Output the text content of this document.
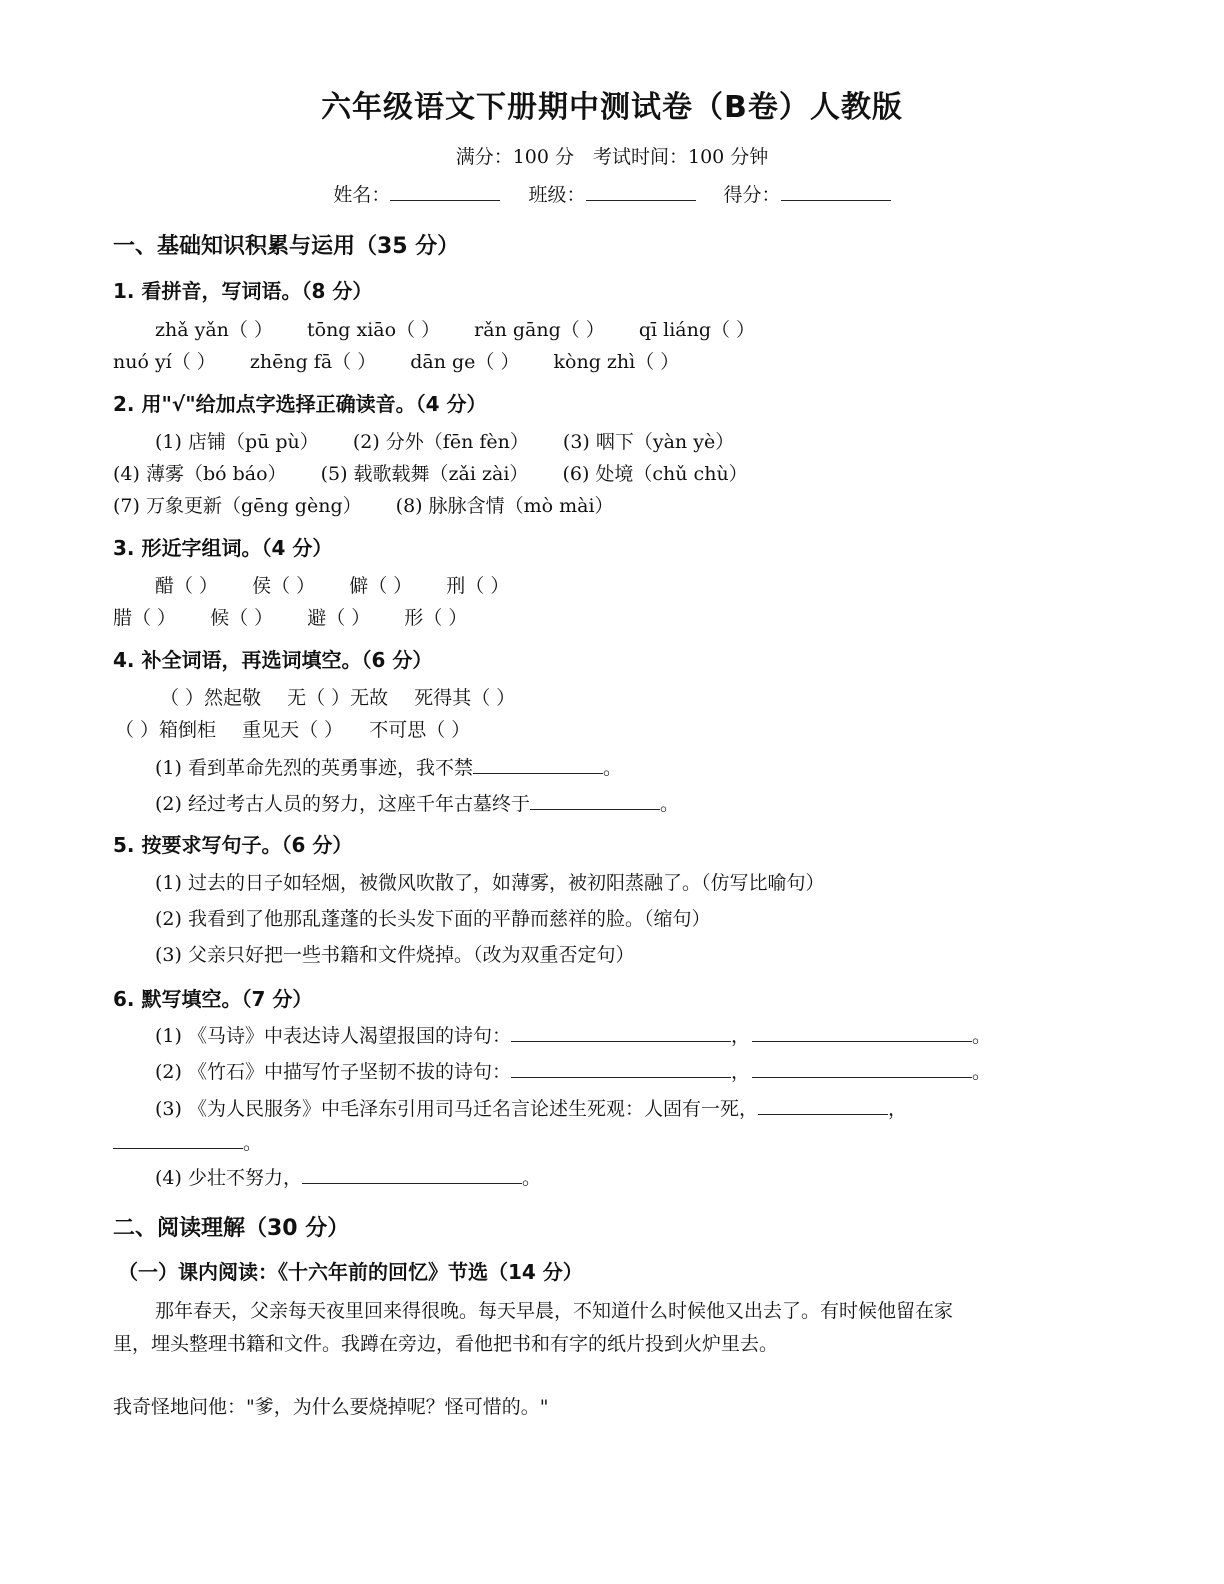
六年级语文下册期中测试卷（B卷）人教版
满分：100 分　考试时间：100 分钟
姓名：	班级：	得分：
一、基础知识积累与运用（35 分）
1. 看拼音，写词语。（8 分）
zhǎ yǎn（ ） tōng xiāo（ ） rǎn gāng（ ） qī liáng（ ）
nuó yí（ ） zhēng fā（ ） dān ge（ ） kòng zhì（ ）
2. 用"√"给加点字选择正确读音。（4 分）
(1) 店铺（pū pù） (2) 分外（fēn fèn） (3) 咽下（yàn yè）
(4) 薄雾（bó báo） (5) 载歌载舞（zǎi zài） (6) 处境（chǔ chù）
(7) 万象更新（gēng gèng） (8) 脉脉含情（mò mài）
3. 形近字组词。（4 分）
醋（ ） 侯（ ） 僻（ ） 刑（ ）
腊（ ） 候（ ） 避（ ） 形（ ）
4. 补全词语，再选词填空。（6 分）
（ ）然起敬 无（ ）无故 死得其（ ）
（ ）箱倒柜 重见天（ ） 不可思（ ）
(1) 看到革命先烈的英勇事迹，我不禁	。
(2) 经过考古人员的努力，这座千年古墓终于	。
5. 按要求写句子。（6 分）
(1) 过去的日子如轻烟，被微风吹散了，如薄雾，被初阳蒸融了。（仿写比喻句）
(2) 我看到了他那乱蓬蓬的长头发下面的平静而慈祥的脸。（缩句）
(3) 父亲只好把一些书籍和文件烧掉。（改为双重否定句）
6. 默写填空。（7 分）
(1) 《马诗》中表达诗人渴望报国的诗句：	，	。
(2) 《竹石》中描写竹子坚韧不拔的诗句：	，	。
(3) 《为人民服务》中毛泽东引用司马迁名言论述生死观：人固有一死，	，
。
(4) 少壮不努力，	。
二、阅读理解（30 分）
（一）课内阅读：《十六年前的回忆》节选（14 分）
那年春天，父亲每天夜里回来得很晚。每天早晨，不知道什么时候他又出去了。有时候他留在家
里，埋头整理书籍和文件。我蹲在旁边，看他把书和有字的纸片投到火炉里去。
我奇怪地问他："爹，为什么要烧掉呢？怪可惜的。"
